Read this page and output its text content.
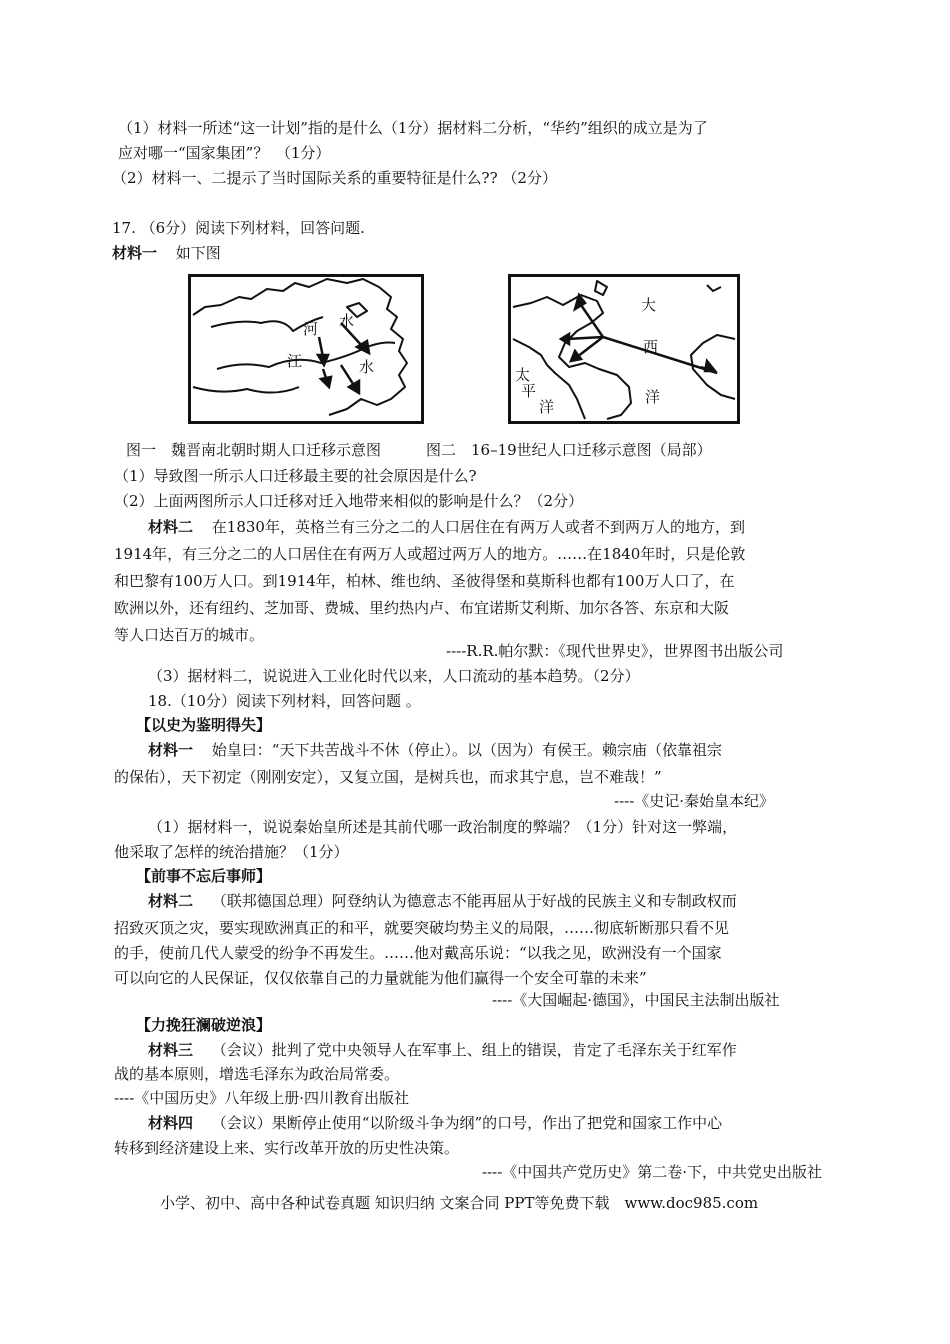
（1）材料一所述“这一计划”指的是什么（1分）据材料二分析，“华约”组织的成立是为了
应对哪一“国家集团”？　（1分）
（2）材料一、二提示了当时国际关系的重要特征是什么?? （2分）
17. （6分）阅读下列材料，回答问题.
材料一 如下图
河
江
水
水
大
西
洋
太
平
洋
图一　魏晋南北朝时期人口迁移示意图　　　图二　16–19世纪人口迁移示意图（局部）
（1）导致图一所示人口迁移最主要的社会原因是什么?
（2）上面两图所示人口迁移对迁入地带来相似的影响是什么？（2分）
材料二 在1830年，英格兰有三分之二的人口居住在有两万人或者不到两万人的地方，到
1914年，有三分之二的人口居住在有两万人或超过两万人的地方。……在1840年时，只是伦敦
和巴黎有100万人口。到1914年，柏林、维也纳、圣彼得堡和莫斯科也都有100万人口了，在
欧洲以外，还有纽约、芝加哥、费城、里约热内卢、布宜诺斯艾利斯、加尔各答、东京和大阪
等人口达百万的城市。
----R.R.帕尔默：《现代世界史》，世界图书出版公司
（3）据材料二，说说进入工业化时代以来，人口流动的基本趋势。（2分）
18.（10分）阅读下列材料，回答问题 。
【以史为鉴明得失】
材料一 始皇曰：“天下共苦战斗不休（停止）。以（因为）有侯王。赖宗庙（依靠祖宗
的保佑），天下初定（刚刚安定），又复立国，是树兵也，而求其宁息，岂不难哉！”
----《史记·秦始皇本纪》
（1）据材料一，说说秦始皇所述是其前代哪一政治制度的弊端？（1分）针对这一弊端，
他采取了怎样的统治措施？（1分）
【前事不忘后事师】
材料二 （联邦德国总理）阿登纳认为德意志不能再屈从于好战的民族主义和专制政权而
招致灭顶之灾，要实现欧洲真正的和平，就要突破均势主义的局限，……彻底斩断那只看不见
的手，使前几代人蒙受的纷争不再发生。……他对戴高乐说：“以我之见，欧洲没有一个国家
可以向它的人民保证，仅仅依靠自己的力量就能为他们赢得一个安全可靠的未来”
----《大国崛起·德国》，中国民主法制出版社
【力挽狂澜破逆浪】
材料三 （会议）批判了党中央领导人在军事上、组上的错误，肯定了毛泽东关于红军作
战的基本原则，增选毛泽东为政治局常委。
----《中国历史》八年级上册·四川教育出版社
材料四 （会议）果断停止使用“以阶级斗争为纲”的口号，作出了把党和国家工作中心
转移到经济建设上来、实行改革开放的历史性决策。
----《中国共产党历史》第二卷·下，中共党史出版社
小学、初中、高中各种试卷真题 知识归纳 文案合同 PPT等免费下载　www.doc985.com
